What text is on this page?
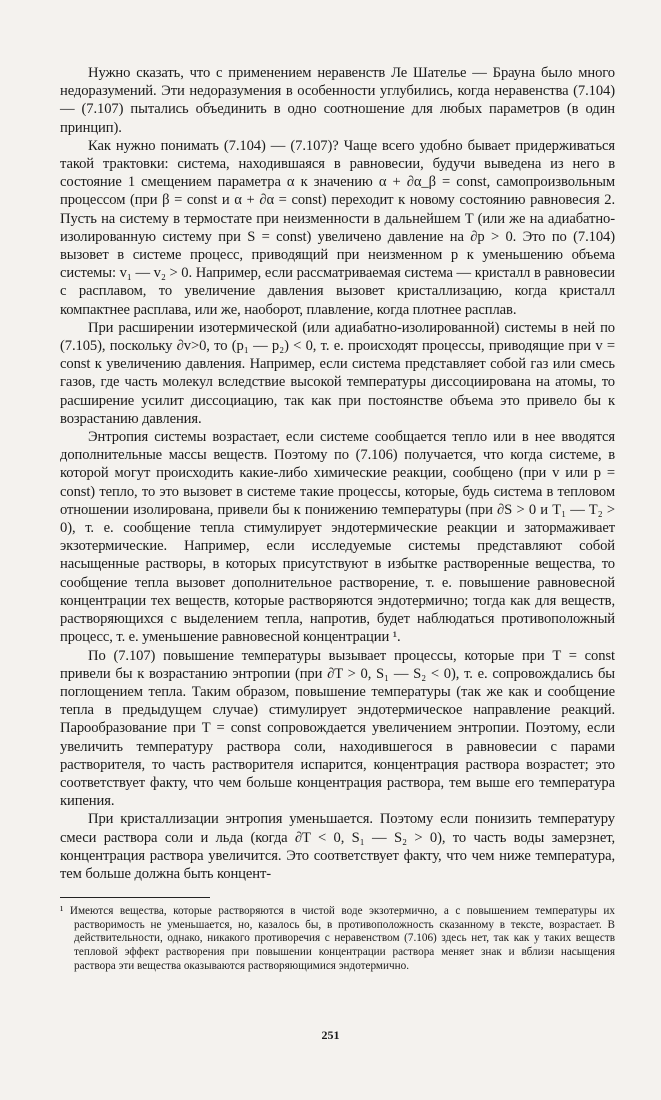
Нужно сказать, что с применением неравенств Ле Шателье — Брауна было много недоразумений. Эти недоразумения в особенности углубились, когда неравенства (7.104) — (7.107) пытались объединить в одно соотношение для любых параметров (в один принцип).

Как нужно понимать (7.104) — (7.107)? Чаще всего удобно бывает придерживаться такой трактовки: система, находившаяся в равновесии, будучи выведена из него в состояние 1 смещением параметра α к значению α + ∂α_β = const, самопроизвольным процессом (при β = const и α + ∂α = const) переходит к новому состоянию равновесия 2. Пусть на систему в термостате при неизменности в дальнейшем T (или же на адиабатно-изолированную систему при S = const) увеличено давление на ∂p > 0. Это по (7.104) вызовет в системе процесс, приводящий при неизменном p к уменьшению объема системы: v₁ — v₂ > 0. Например, если рассматриваемая система — кристалл в равновесии с расплавом, то увеличение давления вызовет кристаллизацию, когда кристалл компактнее расплава, или же, наоборот, плавление, когда плотнее расплав.

При расширении изотермической (или адиабатно-изолированной) системы в ней по (7.105), поскольку ∂v>0, то (p₁ — p₂) < 0, т. е. происходят процессы, приводящие при v = const к увеличению давления. Например, если система представляет собой газ или смесь газов, где часть молекул вследствие высокой температуры диссоциирована на атомы, то расширение усилит диссоциацию, так как при постоянстве объема это привело бы к возрастанию давления.

Энтропия системы возрастает, если системе сообщается тепло или в нее вводятся дополнительные массы веществ. Поэтому по (7.106) получается, что когда системе, в которой могут происходить какие-либо химические реакции, сообщено (при v или p = const) тепло, то это вызовет в системе такие процессы, которые, будь система в тепловом отношении изолирована, привели бы к понижению температуры (при ∂S > 0 и T₁ — T₂ > 0), т. е. сообщение тепла стимулирует эндотермические реакции и затормаживает экзотермические. Например, если исследуемые системы представляют собой насыщенные растворы, в которых присутствуют в избытке растворенные вещества, то сообщение тепла вызовет дополнительное растворение, т. е. повышение равновесной концентрации тех веществ, которые растворяются эндотермично; тогда как для веществ, растворяющихся с выделением тепла, напротив, будет наблюдаться противоположный процесс, т. е. уменьшение равновесной концентрации ¹.

По (7.107) повышение температуры вызывает процессы, которые при T = const привели бы к возрастанию энтропии (при ∂T > 0, S₁ — S₂ < 0), т. е. сопровождались бы поглощением тепла. Таким образом, повышение температуры (так же как и сообщение тепла в предыдущем случае) стимулирует эндотермическое направление реакций. Парообразование при T = const сопровождается увеличением энтропии. Поэтому, если увеличить температуру раствора соли, находившегося в равновесии с парами растворителя, то часть растворителя испарится, концентрация раствора возрастет; это соответствует факту, что чем больше концентрация раствора, тем выше его температура кипения.

При кристаллизации энтропия уменьшается. Поэтому если понизить температуру смеси раствора соли и льда (когда ∂T < 0, S₁ — S₂ > 0), то часть воды замерзнет, концентрация раствора увеличится. Это соответствует факту, что чем ниже температура, тем больше должна быть концент-

¹ Имеются вещества, которые растворяются в чистой воде экзотермично, а с повышением температуры их растворимость не уменьшается, но, казалось бы, в противоположность сказанному в тексте, возрастает. В действительности, однако, никакого противоречия с неравенством (7.106) здесь нет, так как у таких веществ тепловой эффект растворения при повышении концентрации раствора меняет знак и вблизи насыщения раствора эти вещества оказываются растворяющимися эндотермично.

251
